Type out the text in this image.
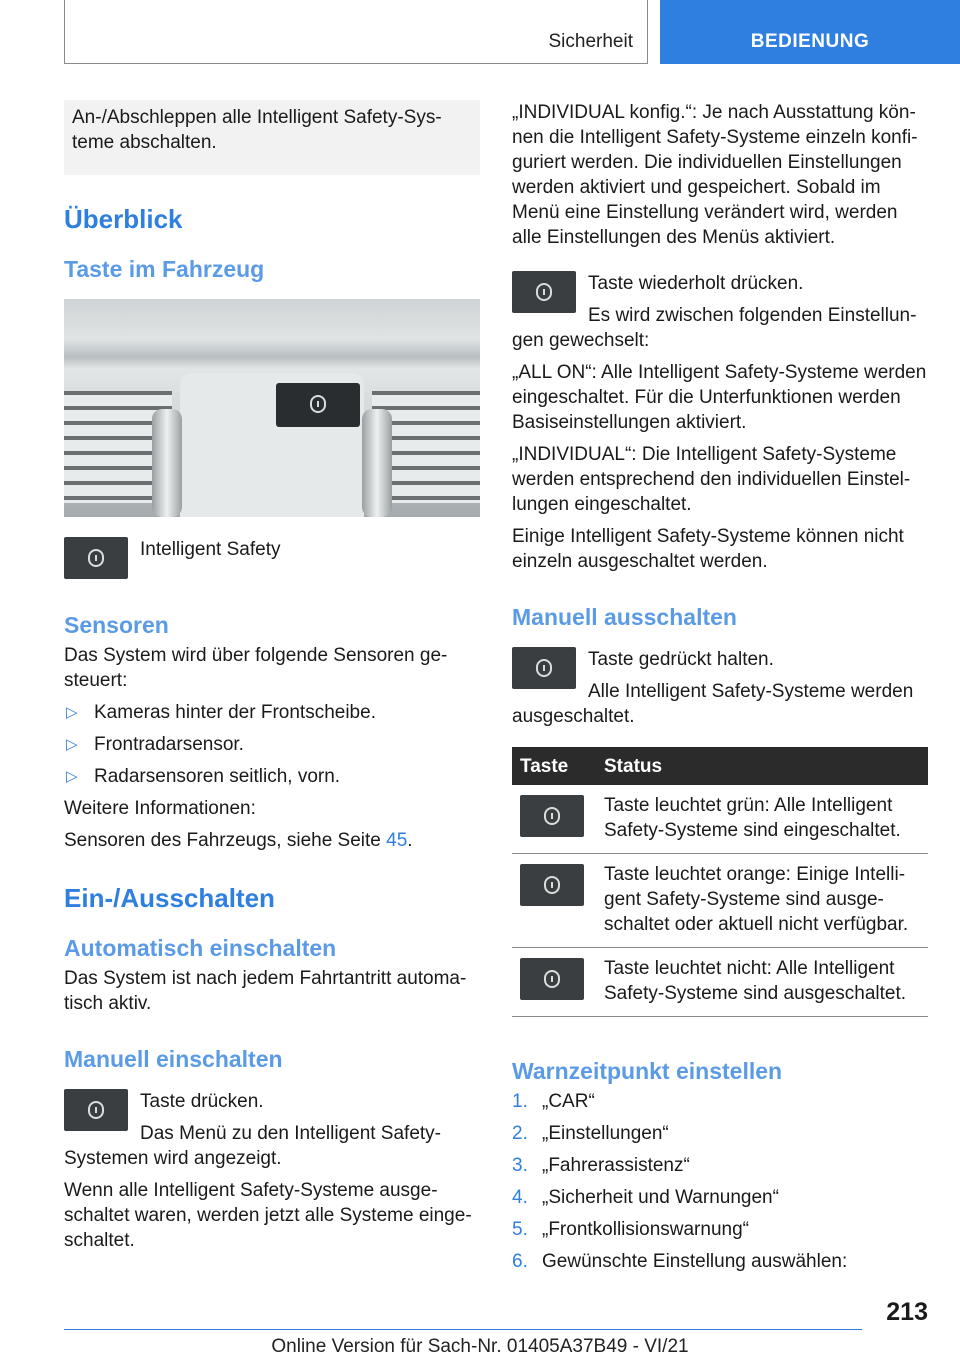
Sicherheit	BEDIENUNG
An-/Abschleppen alle Intelligent Safety-Systeme abschalten.
Überblick
Taste im Fahrzeug

Intelligent Safety

Sensoren

Das System wird über folgende Sensoren gesteuert:

▷ Kameras hinter der Frontscheibe.
▷ Frontradarsensor.
▷ Radarsensoren seitlich, vorn.

Weitere Informationen:

Sensoren des Fahrzeugs, siehe Seite 45.

Ein-/Ausschalten
Automatisch einschalten

Das System ist nach jedem Fahrtantritt automatisch aktiv.

Manuell einschalten

Taste drücken.

Das Menü zu den Intelligent Safety-Systemen wird angezeigt.

Wenn alle Intelligent Safety-Systeme ausgeschaltet waren, werden jetzt alle Systeme eingeschaltet.

„INDIVIDUAL konfig.“: Je nach Ausstattung können die Intelligent Safety-Systeme einzeln konfiguriert werden. Die individuellen Einstellungen werden aktiviert und gespeichert. Sobald im Menü eine Einstellung verändert wird, werden alle Einstellungen des Menüs aktiviert.

Taste wiederholt drücken.

Es wird zwischen folgenden Einstellungen gewechselt:

„ALL ON“: Alle Intelligent Safety-Systeme werden eingeschaltet. Für die Unterfunktionen werden Basiseinstellungen aktiviert.

„INDIVIDUAL“: Die Intelligent Safety-Systeme werden entsprechend den individuellen Einstellungen eingeschaltet.

Einige Intelligent Safety-Systeme können nicht einzeln ausgeschaltet werden.

Manuell ausschalten

Taste gedrückt halten.

Alle Intelligent Safety-Systeme werden ausgeschaltet.

Taste	Status

	Taste leuchtet grün: Alle Intelligent Safety-Systeme sind eingeschaltet.

	Taste leuchtet orange: Einige Intelligent Safety-Systeme sind ausgeschaltet oder aktuell nicht verfügbar.

	Taste leuchtet nicht: Alle Intelligent Safety-Systeme sind ausgeschaltet.
Warnzeitpunkt einstellen
1. „CAR“
2. „Einstellungen“
3. „Fahrerassistenz“
4. „Sicherheit und Warnungen“
5. „Frontkollisionswarnung“
6. Gewünschte Einstellung auswählen:
213
Online Version für Sach-Nr. 01405A37B49 - VI/21
